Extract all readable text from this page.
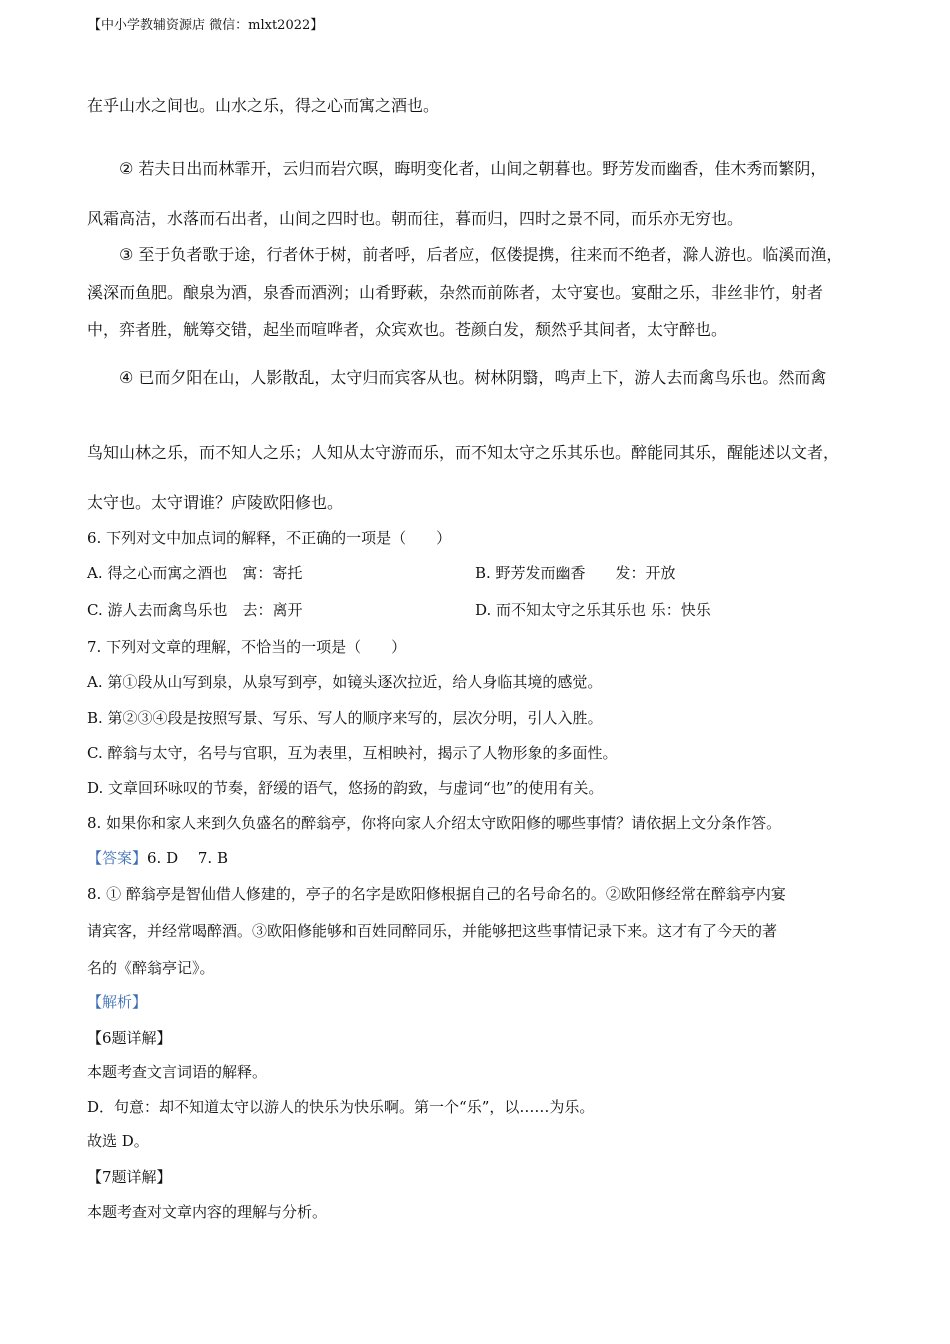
【中小学教辅资源店 微信：mlxt2022】
在乎山水之间也。山水之乐，得之心而寓之酒也。
② 若夫日出而林霏开，云归而岩穴暝，晦明变化者，山间之朝暮也。野芳发而幽香，佳木秀而繁阴，
风霜高洁，水落而石出者，山间之四时也。朝而往，暮而归，四时之景不同，而乐亦无穷也。
③ 至于负者歌于途，行者休于树，前者呼，后者应，伛偻提携，往来而不绝者，滁人游也。临溪而渔，
溪深而鱼肥。酿泉为酒，泉香而酒洌；山肴野蔌，杂然而前陈者，太守宴也。宴酣之乐，非丝非竹，射者
中，弈者胜，觥筹交错，起坐而喧哗者，众宾欢也。苍颜白发，颓然乎其间者，太守醉也。
④ 已而夕阳在山，人影散乱，太守归而宾客从也。树林阴翳，鸣声上下，游人去而禽鸟乐也。然而禽
鸟知山林之乐，而不知人之乐；人知从太守游而乐，而不知太守之乐其乐也。醉能同其乐，醒能述以文者，
太守也。太守谓谁？庐陵欧阳修也。
6. 下列对文中加点词的解释，不正确的一项是（　　）
A. 得之心而寓之酒也　寓：寄托	B. 野芳发而幽香　　发：开放
C. 游人去而禽鸟乐也　去：离开	D. 而不知太守之乐其乐也 乐：快乐
7. 下列对文章的理解，不恰当的一项是（　　）
A. 第①段从山写到泉，从泉写到亭，如镜头逐次拉近，给人身临其境的感觉。
B. 第②③④段是按照写景、写乐、写人的顺序来写的，层次分明，引人入胜。
C. 醉翁与太守，名号与官职，互为表里，互相映衬，揭示了人物形象的多面性。
D. 文章回环咏叹的节奏，舒缓的语气，悠扬的韵致，与虚词“也”的使用有关。
8. 如果你和家人来到久负盛名的醉翁亭，你将向家人介绍太守欧阳修的哪些事情？请依据上文分条作答。
【答案】6. D　 7. B
8. ① 醉翁亭是智仙借人修建的，亭子的名字是欧阳修根据自己的名号命名的。②欧阳修经常在醉翁亭内宴
请宾客，并经常喝醉酒。③欧阳修能够和百姓同醉同乐，并能够把这些事情记录下来。这才有了今天的著
名的《醉翁亭记》。
【解析】
【6题详解】
本题考查文言词语的解释。
D．句意：却不知道太守以游人的快乐为快乐啊。第一个“乐”，以……为乐。
故选 D。
【7题详解】
本题考查对文章内容的理解与分析。
